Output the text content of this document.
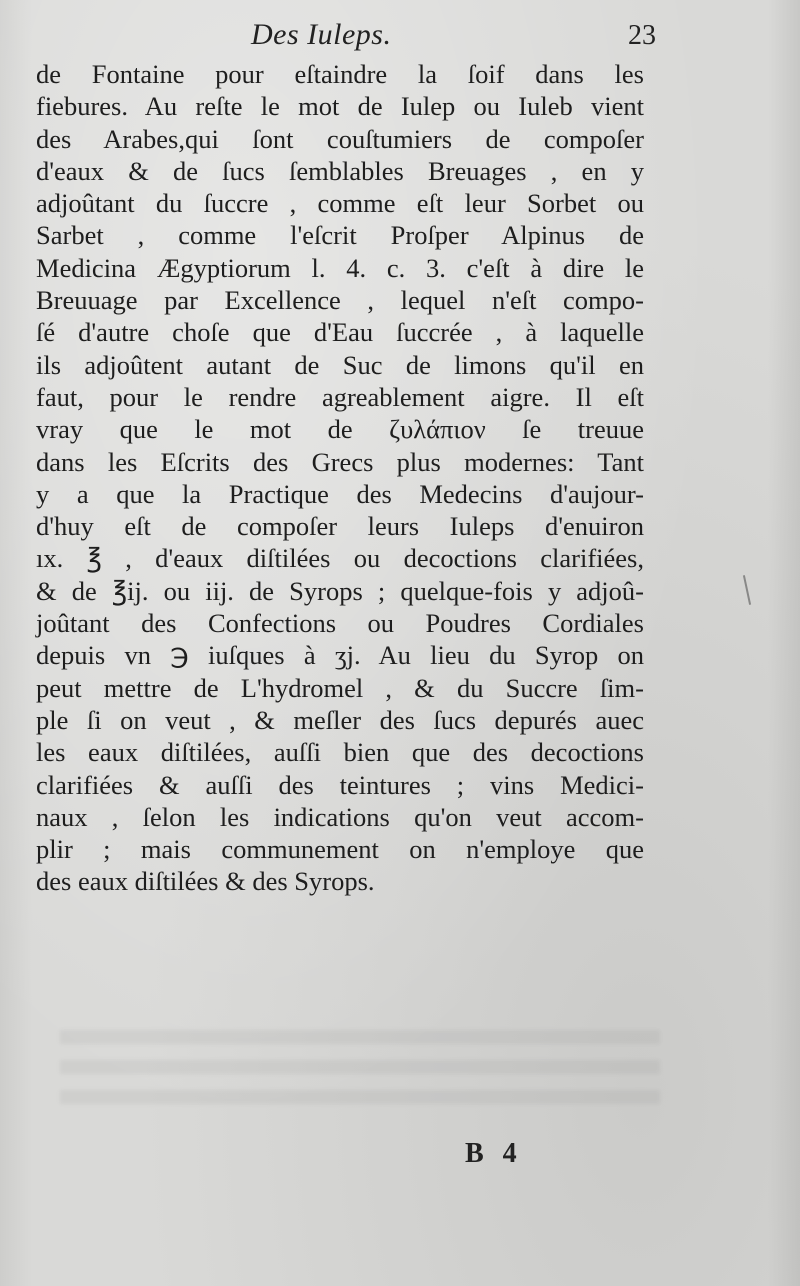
Des Iuleps.	23
de Fontaine pour eſtaindre la ſoif dans les
fiebures. Au reſte le mot de Iulep ou Iuleb vient
des Arabes,qui ſont couſtumiers de compoſer
d'eaux & de ſucs ſemblables Breuages , en y
adjoûtant du ſuccre , comme eſt leur Sorbet ou
Sarbet , comme l'eſcrit Proſper Alpinus de
Medicina Ægyptiorum l. 4. c. 3. c'eſt à dire le
Breuuage par Excellence , lequel n'eſt compo-
ſé d'autre choſe que d'Eau ſuccrée , à laquelle
ils adjoûtent autant de Suc de limons qu'il en
faut, pour le rendre agreablement aigre. Il eſt
vray que le mot de ζυλάπιον ſe treuue
dans les Eſcrits des Grecs plus modernes: Tant
y a que la Practique des Medecins d'aujour-
d'huy eſt de compoſer leurs Iuleps d'enuiron
ıx. ℥ , d'eaux diſtilées ou decoctions clarifiées,
& de ℥ij. ou iij. de Syrops ; quelque-fois y adjoû-
joûtant des Confections ou Poudres Cordiales
depuis vn ℈ iuſques à ʒj. Au lieu du Syrop on
peut mettre de L'hydromel , & du Succre ſim-
ple ſi on veut , & meſler des ſucs depurés auec
les eaux diſtilées, auſſi bien que des decoctions
clarifiées & auſſi des teintures ; vins Medici-
naux , ſelon les indications qu'on veut accom-
plir ; mais communement on n'employe que
des eaux diſtilées & des Syrops.
B 4
